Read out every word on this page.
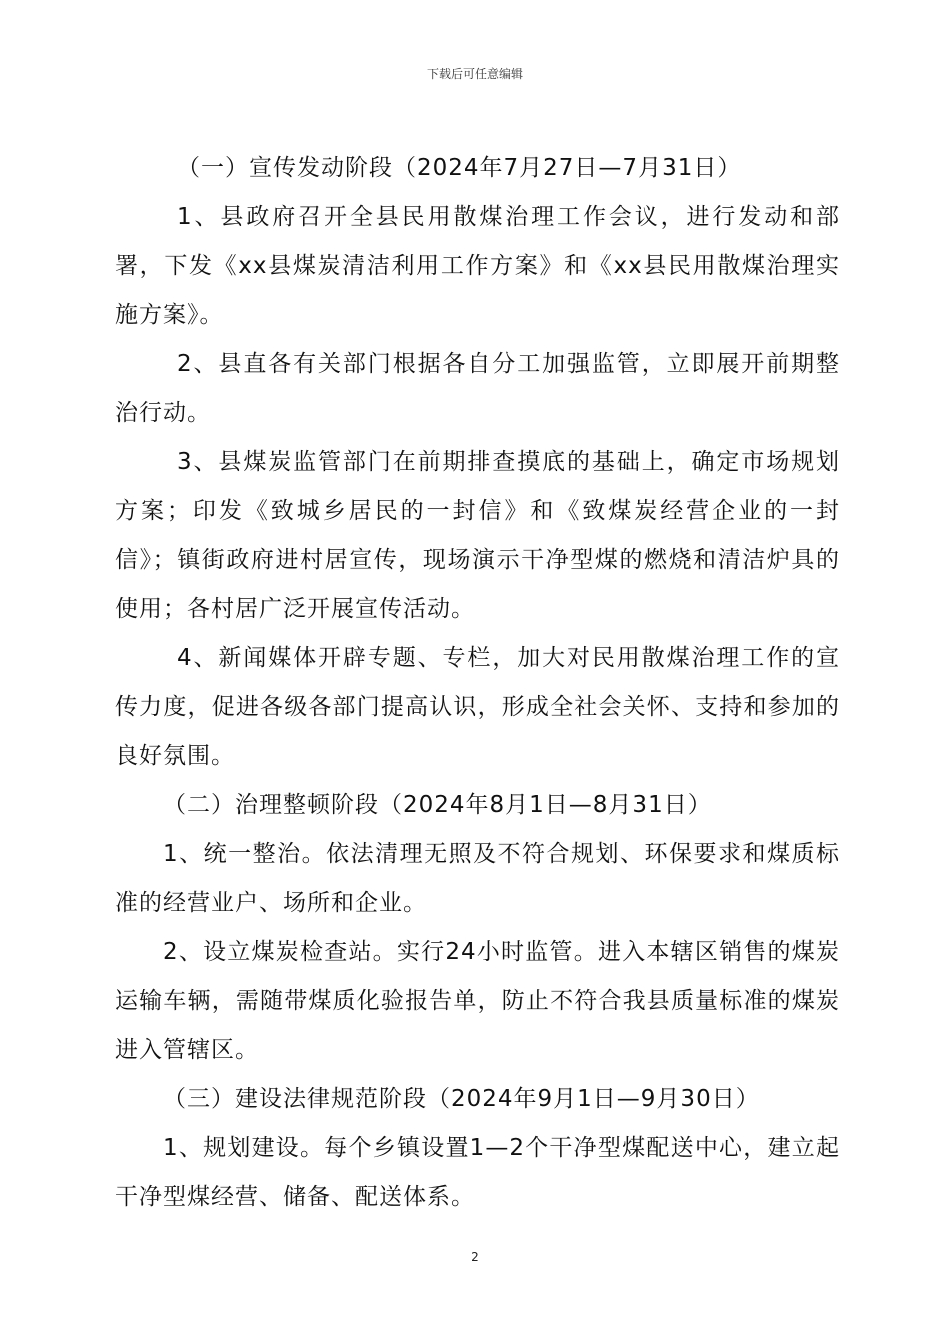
下载后可任意编辑

（一）宣传发动阶段（2024年7月27日—7月31日）

1、县政府召开全县民用散煤治理工作会议，进行发动和部署，下发《xx县煤炭清洁利用工作方案》和《xx县民用散煤治理实施方案》。

2、县直各有关部门根据各自分工加强监管，立即展开前期整治行动。

3、县煤炭监管部门在前期排查摸底的基础上，确定市场规划方案；印发《致城乡居民的一封信》和《致煤炭经营企业的一封信》；镇街政府进村居宣传，现场演示干净型煤的燃烧和清洁炉具的使用；各村居广泛开展宣传活动。

4、新闻媒体开辟专题、专栏，加大对民用散煤治理工作的宣传力度，促进各级各部门提高认识，形成全社会关怀、支持和参加的良好氛围。

（二）治理整顿阶段（2024年8月1日—8月31日）

1、统一整治。依法清理无照及不符合规划、环保要求和煤质标准的经营业户、场所和企业。

2、设立煤炭检查站。实行24小时监管。进入本辖区销售的煤炭运输车辆，需随带煤质化验报告单，防止不符合我县质量标准的煤炭进入管辖区。

（三）建设法律规范阶段（2024年9月1日—9月30日）

1、规划建设。每个乡镇设置1—2个干净型煤配送中心，建立起干净型煤经营、储备、配送体系。

2
